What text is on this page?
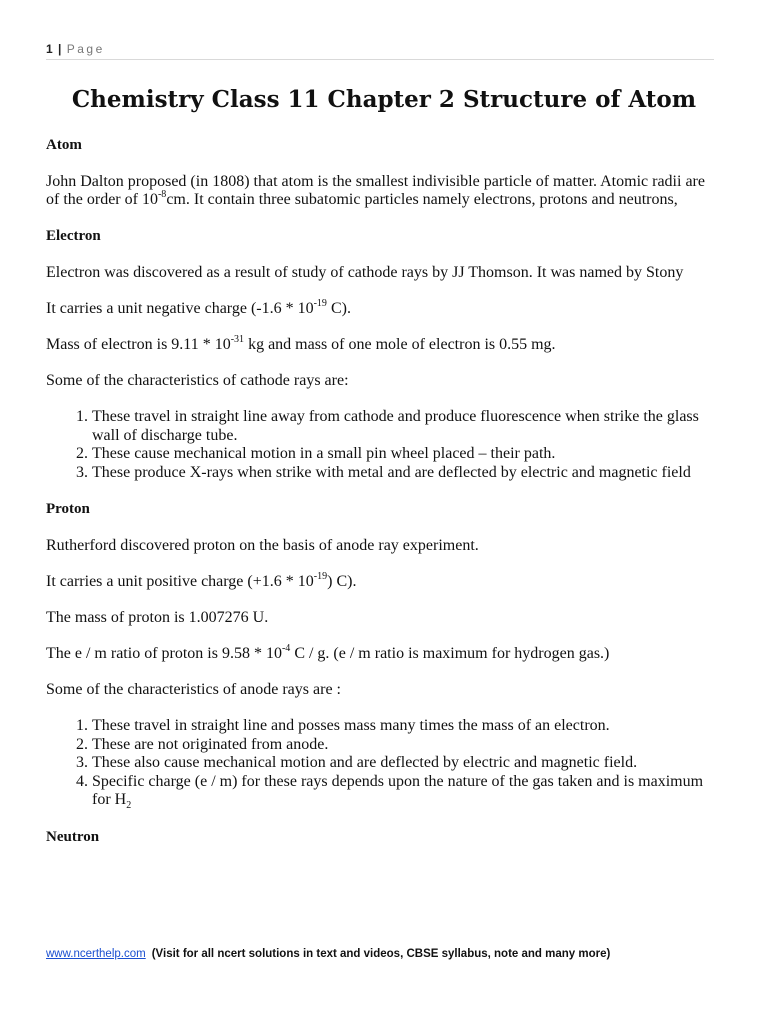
1 | Page
Chemistry Class 11 Chapter 2 Structure of Atom
Atom

John Dalton proposed (in 1808) that atom is the smallest indivisible particle of matter. Atomic radii are of the order of $10^{-8}cm$. It contain three subatomic particles namely electrons, protons and neutrons,

Electron

Electron was discovered as a result of study of cathode rays by JJ Thomson. It was named by Stony

It carries a unit negative charge ($-1.6 * 10^{-19}$ C).

Mass of electron is $9.11 * 10^{-31}$ kg and mass of one mole of electron is 0.55 mg.

Some of the characteristics of cathode rays are:

1. These travel in straight line away from cathode and produce fluorescence when strike the glass wall of discharge tube.
2. These cause mechanical motion in a small pin wheel placed – their path.
3. These produce X-rays when strike with metal and are deflected by electric and magnetic field
Proton

Rutherford discovered proton on the basis of anode ray experiment.

It carries a unit positive charge $(+1.6 * 10^{-19})$ C).

The mass of proton is 1.007276 U.

The e / m ratio of proton is $9.58 * 10^{-4}$ C / g. (e / m ratio is maximum for hydrogen gas.)

Some of the characteristics of anode rays are :

1. These travel in straight line and posses mass many times the mass of an electron.
2. These are not originated from anode.
3. These also cause mechanical motion and are deflected by electric and magnetic field.
4. Specific charge (e / m) for these rays depends upon the nature of the gas taken and is maximum for $H_2$
Neutron
www.ncerthelp.com (Visit for all ncert solutions in text and videos, CBSE syllabus, note and many more)
